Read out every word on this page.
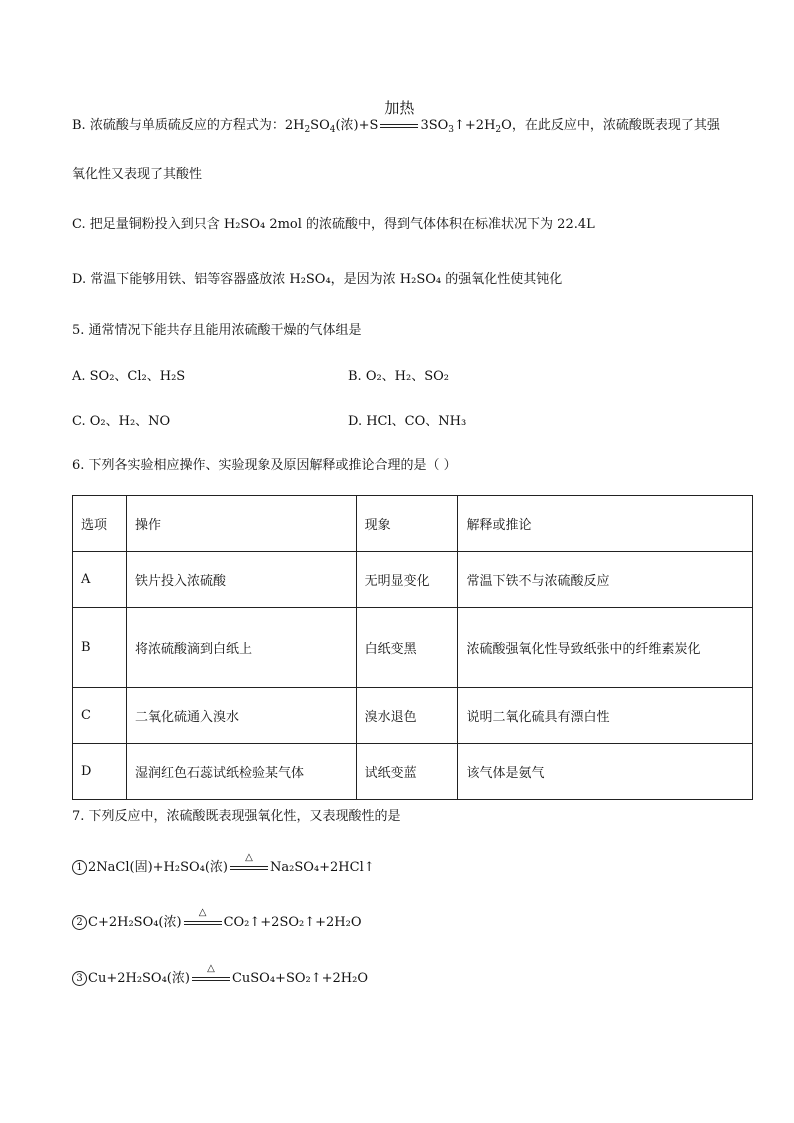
B. 浓硫酸与单质硫反应的方程式为：$2H_2SO_4$(浓)+S
加热
$3SO_3↑+2H_2O$，在此反应中，浓硫酸既表现了其强
氧化性又表现了其酸性
C. 把足量铜粉投入到只含 H₂SO₄ 2mol 的浓硫酸中，得到气体体积在标准状况下为 22.4L
D. 常温下能够用铁、铝等容器盛放浓 H₂SO₄，是因为浓 H₂SO₄ 的强氧化性使其钝化
5. 通常情况下能共存且能用浓硫酸干燥的气体组是
A. SO₂、Cl₂、H₂S	B. O₂、H₂、SO₂
C. O₂、H₂、NO	D. HCl、CO、NH₃
6. 下列各实验相应操作、实验现象及原因解释或推论合理的是（ ）
选项	操作	现象	解释或推论
A	铁片投入浓硫酸	无明显变化	常温下铁不与浓硫酸反应
B	将浓硫酸滴到白纸上	白纸变黑	浓硫酸强氧化性导致纸张中的纤维素炭化
C	二氧化硫通入溴水	溴水退色	说明二氧化硫具有漂白性
D	湿润红色石蕊试纸检验某气体	试纸变蓝	该气体是氨气
7. 下列反应中，浓硫酸既表现强氧化性，又表现酸性的是
1 2NaCl(固)+H₂SO₄(浓)
△
Na₂SO₄+2HCl↑
2 C+2H₂SO₄(浓)
△
CO₂↑+2SO₂↑+2H₂O
3 Cu+2H₂SO₄(浓)
△
CuSO₄+SO₂↑+2H₂O
